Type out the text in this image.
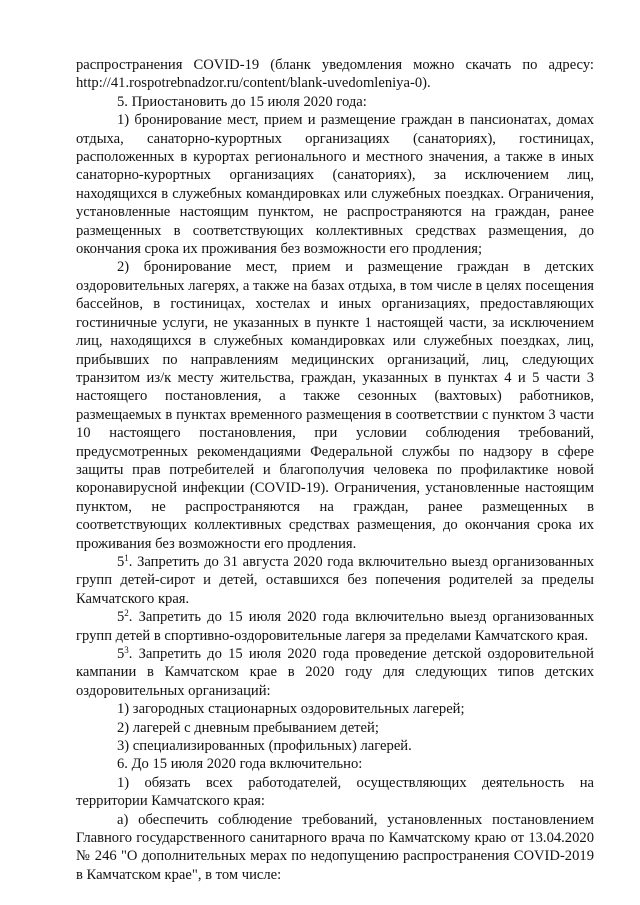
распространения COVID-19 (бланк уведомления можно скачать по адресу: http://41.rospotrebnadzor.ru/content/blank-uvedomleniya-0).

5. Приостановить до 15 июля 2020 года:

1) бронирование мест, прием и размещение граждан в пансионатах, домах отдыха, санаторно-курортных организациях (санаториях), гостиницах, расположенных в курортах регионального и местного значения, а также в иных санаторно-курортных организациях (санаториях), за исключением лиц, находящихся в служебных командировках или служебных поездках. Ограничения, установленные настоящим пунктом, не распространяются на граждан, ранее размещенных в соответствующих коллективных средствах размещения, до окончания срока их проживания без возможности его продления;

2) бронирование мест, прием и размещение граждан в детских оздоровительных лагерях, а также на базах отдыха, в том числе в целях посещения бассейнов, в гостиницах, хостелах и иных организациях, предоставляющих гостиничные услуги, не указанных в пункте 1 настоящей части, за исключением лиц, находящихся в служебных командировках или служебных поездках, лиц, прибывших по направлениям медицинских организаций, лиц, следующих транзитом из/к месту жительства, граждан, указанных в пунктах 4 и 5 части 3 настоящего постановления, а также сезонных (вахтовых) работников, размещаемых в пунктах временного размещения в соответствии с пунктом 3 части 10 настоящего постановления, при условии соблюдения требований, предусмотренных рекомендациями Федеральной службы по надзору в сфере защиты прав потребителей и благополучия человека по профилактике новой коронавирусной инфекции (COVID-19). Ограничения, установленные настоящим пунктом, не распространяются на граждан, ранее размещенных в соответствующих коллективных средствах размещения, до окончания срока их проживания без возможности его продления.

$5^1$. Запретить до 31 августа 2020 года включительно выезд организованных групп детей-сирот и детей, оставшихся без попечения родителей за пределы Камчатского края.

$5^2$. Запретить до 15 июля 2020 года включительно выезд организованных групп детей в спортивно-оздоровительные лагеря за пределами Камчатского края.

$5^3$. Запретить до 15 июля 2020 года проведение детской оздоровительной кампании в Камчатском крае в 2020 году для следующих типов детских оздоровительных организаций:

1) загородных стационарных оздоровительных лагерей;

2) лагерей с дневным пребыванием детей;

3) специализированных (профильных) лагерей.

6. До 15 июля 2020 года включительно:

1) обязать всех работодателей, осуществляющих деятельность на территории Камчатского края:

а) обеспечить соблюдение требований, установленных постановлением Главного государственного санитарного врача по Камчатскому краю от 13.04.2020 № 246 "О дополнительных мерах по недопущению распространения COVID-2019 в Камчатском крае", в том числе:
